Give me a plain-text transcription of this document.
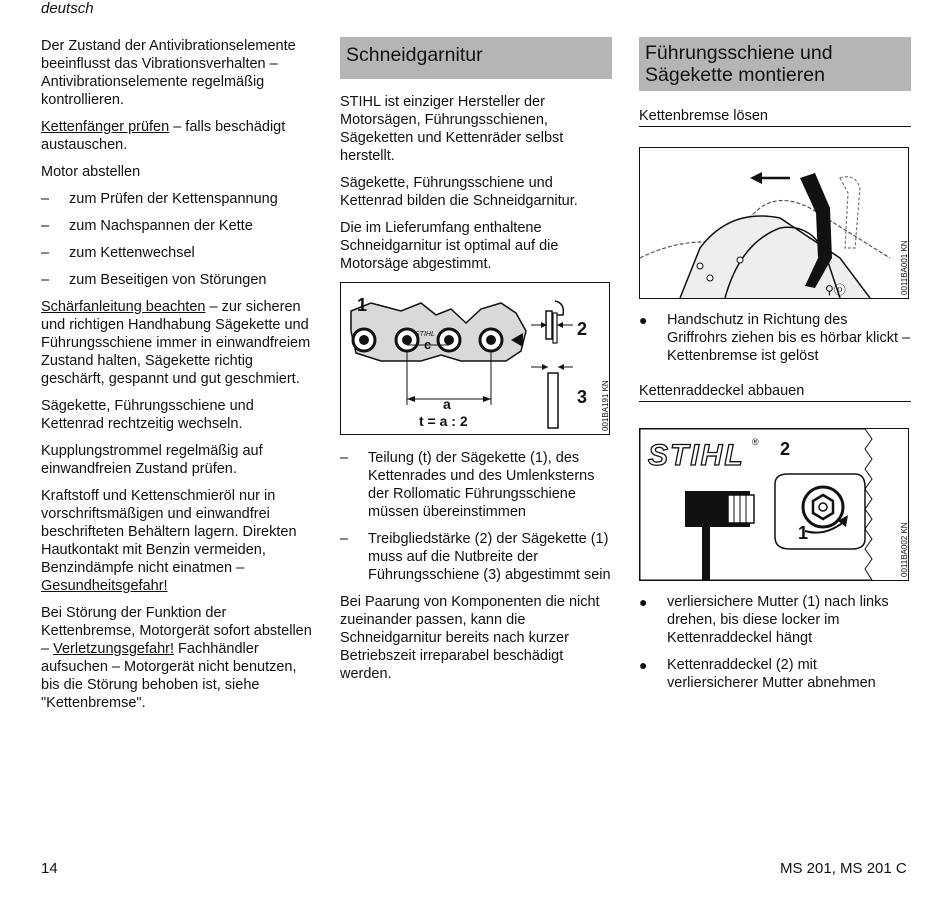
deutsch

Der Zustand der Antivibrationselemente beeinflusst das Vibrationsverhalten – Antivibrationselemente regelmäßig kontrollieren.

Kettenfänger prüfen – falls beschädigt austauschen.

Motor abstellen

–	zum Prüfen der Kettenspannung
–	zum Nachspannen der Kette
–	zum Kettenwechsel
–	zum Beseitigen von Störungen

Schärfanleitung beachten – zur sicheren und richtigen Handhabung Sägekette und Führungsschiene immer in einwandfreiem Zustand halten, Sägekette richtig geschärft, gespannt und gut geschmiert.

Sägekette, Führungsschiene und Kettenrad rechtzeitig wechseln.

Kupplungstrommel regelmäßig auf einwandfreien Zustand prüfen.

Kraftstoff und Kettenschmieröl nur in vorschriftsmäßigen und einwandfrei beschrifteten Behältern lagern. Direkten Hautkontakt mit Benzin vermeiden, Benzindämpfe nicht einatmen – Gesundheitsgefahr!

Bei Störung der Funktion der Kettenbremse, Motorgerät sofort abstellen – Verletzungsgefahr! Fachhändler aufsuchen – Motorgerät nicht benutzen, bis die Störung behoben ist, siehe "Kettenbremse".

Schneidgarnitur

STIHL ist einziger Hersteller der Motorsägen, Führungsschienen, Sägeketten und Kettenräder selbst herstellt.

Sägekette, Führungsschiene und Kettenrad bilden die Schneidgarnitur.

Die im Lieferumfang enthaltene Schneidgarnitur ist optimal auf die Motorsäge abgestimmt.

1
2
3
c
STIHL
a
t = a : 2	001BA191 KN
–	Teilung (t) der Sägekette (1), des Kettenrades und des Umlenksterns der Rollomatic Führungsschiene müssen übereinstimmen
–	Treibgliedstärke (2) der Sägekette (1) muss auf die Nutbreite der Führungsschiene (3) abgestimmt sein

Bei Paarung von Komponenten die nicht zueinander passen, kann die Schneidgarnitur bereits nach kurzer Betriebszeit irreparabel beschädigt werden.

Führungsschiene und Sägekette montieren
Kettenbremse lösen
⚲ⓞ	0011BA001 KN
●	Handschutz in Richtung des Griffrohrs ziehen bis es hörbar klickt – Kettenbremse ist gelöst
Kettenraddeckel abbauen
STIHL ® 2
1	0011BA002 KN
●	verliersichere Mutter (1) nach links drehen, bis diese locker im Kettenraddeckel hängt
●	Kettenraddeckel (2) mit verliersicherer Mutter abnehmen
14	MS 201, MS 201 C
